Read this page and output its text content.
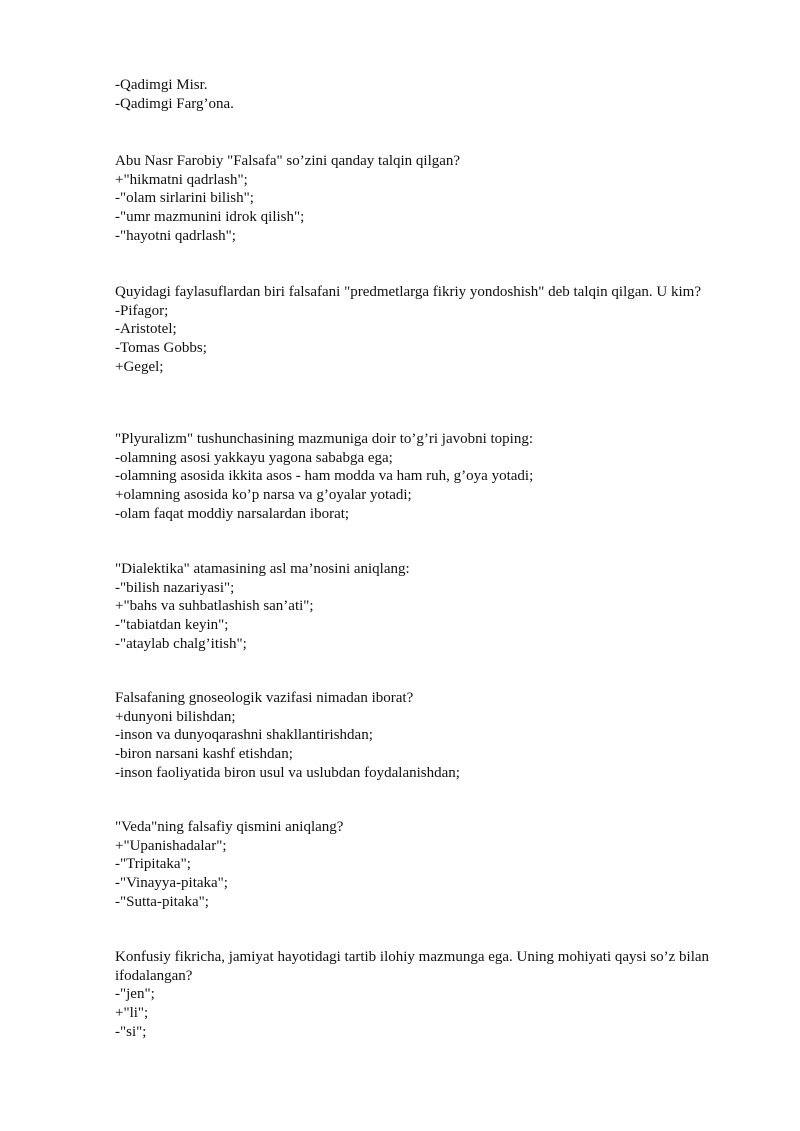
-Qadimgi Misr.
-Qadimgi Farg’ona.
Abu Nasr Farobiy "Falsafa" so’zini qanday talqin qilgan?
+"hikmatni qadrlash";
-"olam sirlarini bilish";
-"umr mazmunini idrok qilish";
-"hayotni qadrlash";
Quyidagi faylasuflardan biri falsafani "predmetlarga fikriy yondoshish" deb talqin qilgan. U kim?
-Pifagor;
-Aristotel;
-Tomas Gobbs;
+Gegel;
"Plyuralizm" tushunchasining mazmuniga doir to’g’ri javobni toping:
-olamning asosi yakkayu yagona sababga ega;
-olamning asosida ikkita asos - ham modda va ham ruh, g’oya yotadi;
+olamning asosida ko’p narsa va g’oyalar yotadi;
-olam faqat moddiy narsalardan iborat;
"Dialektika" atamasining asl ma’nosini aniqlang:
-"bilish nazariyasi";
+"bahs va suhbatlashish san’ati";
-"tabiatdan keyin";
-"ataylab chalg’itish";
Falsafaning gnoseologik vazifasi nimadan iborat?
+dunyoni bilishdan;
-inson va dunyoqarashni shakllantirishdan;
-biron narsani kashf etishdan;
-inson faoliyatida biron usul va uslubdan foydalanishdan;
"Veda"ning falsafiy qismini aniqlang?
+"Upanishadalar";
-"Tripitaka";
-"Vinayya-pitaka";
-"Sutta-pitaka";
Konfusiy fikricha, jamiyat hayotidagi tartib ilohiy mazmunga ega. Uning mohiyati qaysi so’z bilan ifodalangan?
-"jen";
+"li";
-"si";
